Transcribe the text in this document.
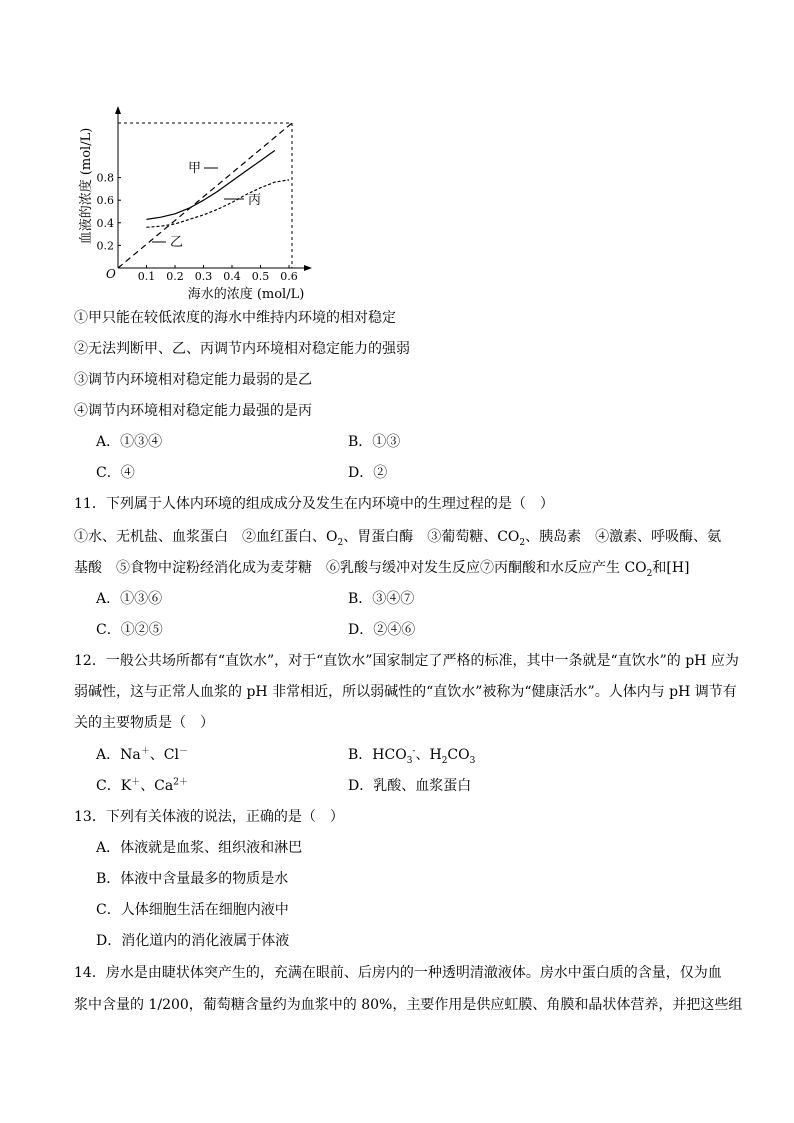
0.1 0.2 0.3 0.4 0.5 0.6
0.2
0.4
0.6
0.8
O
甲
丙
乙
海水的浓度 (mol/L)
血液的浓度 (mol/L)
①甲只能在较低浓度的海水中维持内环境的相对稳定
②无法判断甲、乙、丙调节内环境相对稳定能力的强弱
③调节内环境相对稳定能力最弱的是乙
④调节内环境相对稳定能力最强的是丙
A．①③④	B．①③
C．④	D．②
11．下列属于人体内环境的组成成分及发生在内环境中的生理过程的是（　）
①水、无机盐、血浆蛋白　②血红蛋白、$O_2$、胃蛋白酶　③葡萄糖、$CO_2$、胰岛素　④激素、呼吸酶、氨
基酸　⑤食物中淀粉经消化成为麦芽糖　⑥乳酸与缓冲对发生反应⑦丙酮酸和水反应产生 $CO_2$和[H]
A．①③⑥	B．③④⑦
C．①②⑤	D．②④⑥
12．一般公共场所都有“直饮水”，对于“直饮水”国家制定了严格的标准，其中一条就是“直饮水”的 pH 应为
弱碱性，这与正常人血浆的 pH 非常相近，所以弱碱性的“直饮水”被称为“健康活水”。人体内与 pH 调节有
关的主要物质是（　）
A．Na＋、Cl－	B．$HCO_3^-$、$H_2CO_3$
C．K＋、$Ca^{2+}$	D．乳酸、血浆蛋白
13．下列有关体液的说法，正确的是（　）
A．体液就是血浆、组织液和淋巴
B．体液中含量最多的物质是水
C．人体细胞生活在细胞内液中
D．消化道内的消化液属于体液
14．房水是由睫状体突产生的，充满在眼前、后房内的一种透明清澈液体。房水中蛋白质的含量，仅为血
浆中含量的 1/200，葡萄糖含量约为血浆中的 80%，主要作用是供应虹膜、角膜和晶状体营养，并把这些组
